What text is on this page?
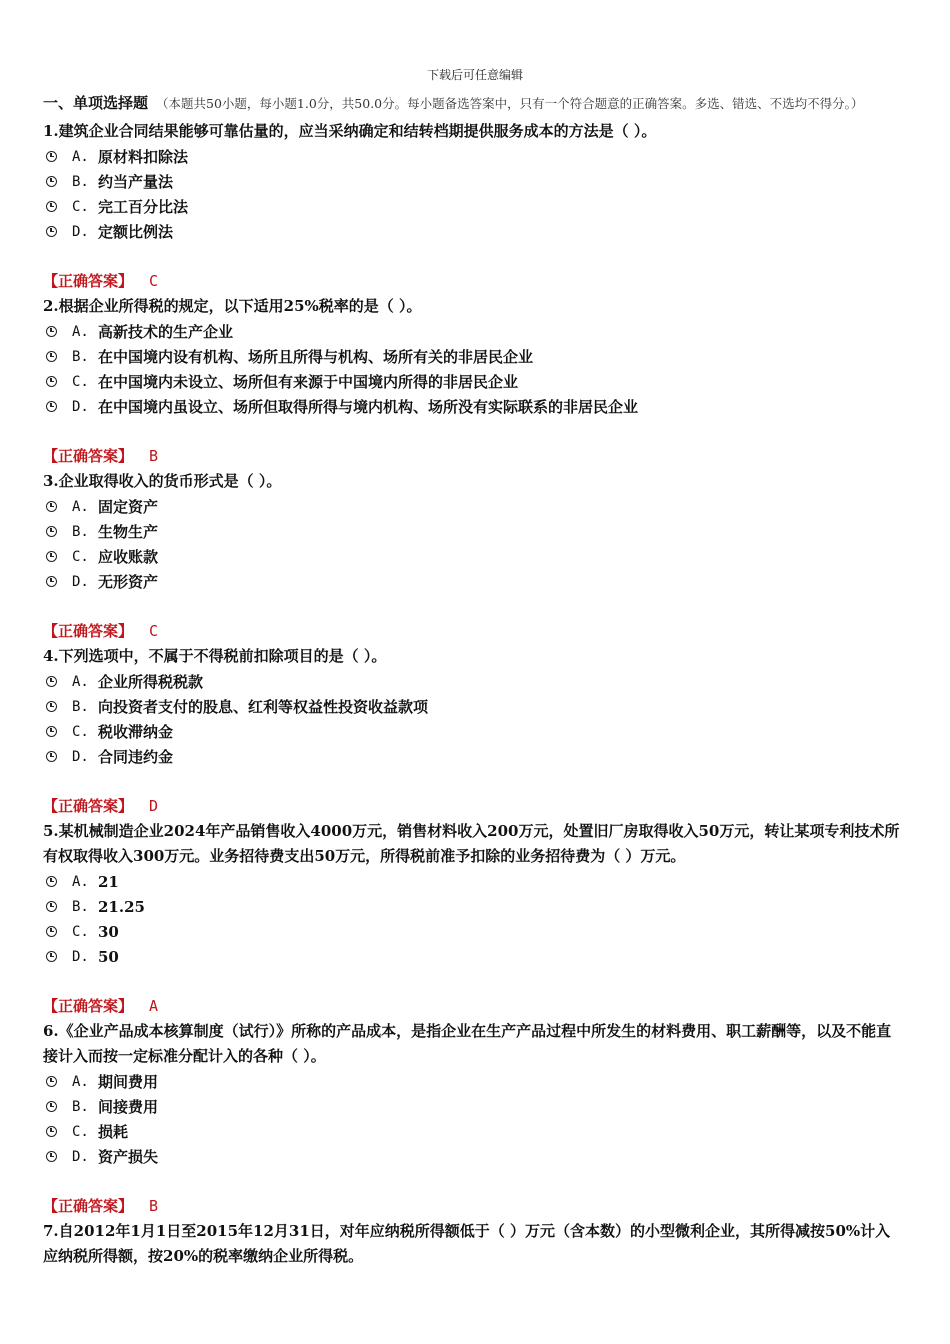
下载后可任意编辑
一、单项选择题 （本题共50小题，每小题1.0分，共50.0分。每小题备选答案中，只有一个符合题意的正确答案。多选、错选、不选均不得分。）
1.建筑企业合同结果能够可靠估量的，应当采纳确定和结转档期提供服务成本的方法是（ ）。
A. 原材料扣除法
B. 约当产量法
C. 完工百分比法
D. 定额比例法
【正确答案】 C
2.根据企业所得税的规定，以下适用25%税率的是（ ）。
A. 高新技术的生产企业
B. 在中国境内设有机构、场所且所得与机构、场所有关的非居民企业
C. 在中国境内未设立、场所但有来源于中国境内所得的非居民企业
D. 在中国境内虽设立、场所但取得所得与境内机构、场所没有实际联系的非居民企业
【正确答案】 B
3.企业取得收入的货币形式是（ ）。
A. 固定资产
B. 生物生产
C. 应收账款
D. 无形资产
【正确答案】 C
4.下列选项中，不属于不得税前扣除项目的是（ ）。
A. 企业所得税税款
B. 向投资者支付的股息、红利等权益性投资收益款项
C. 税收滞纳金
D. 合同违约金
【正确答案】 D
5.某机械制造企业2024年产品销售收入4000万元，销售材料收入200万元，处置旧厂房取得收入50万元，转让某项专利技术所有权取得收入300万元。业务招待费支出50万元，所得税前准予扣除的业务招待费为（ ）万元。
A. 21
B. 21.25
C. 30
D. 50
【正确答案】 A
6.《企业产品成本核算制度（试行）》所称的产品成本，是指企业在生产产品过程中所发生的材料费用、职工薪酬等，以及不能直接计入而按一定标准分配计入的各种（ ）。
A. 期间费用
B. 间接费用
C. 损耗
D. 资产损失
【正确答案】 B
7.自2012年1月1日至2015年12月31日，对年应纳税所得额低于（ ）万元（含本数）的小型微利企业，其所得减按50%计入应纳税所得额，按20%的税率缴纳企业所得税。
